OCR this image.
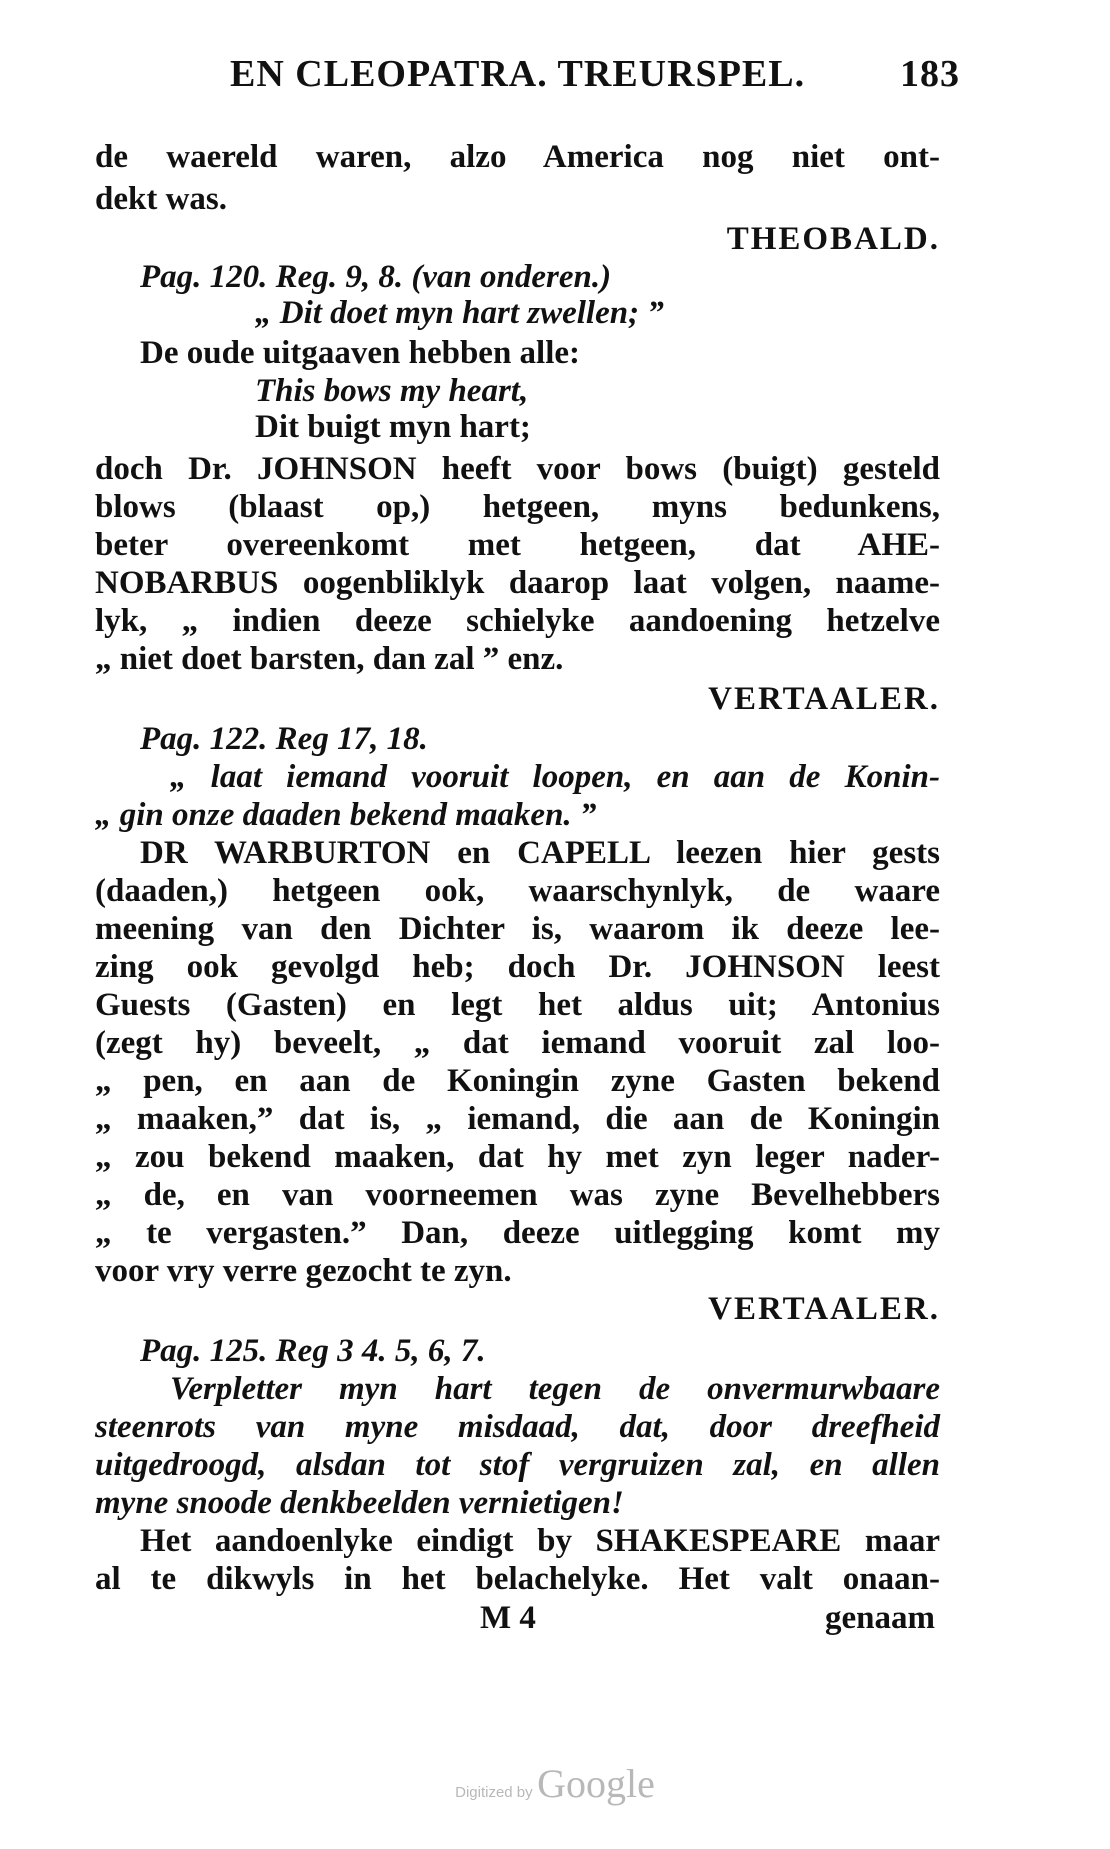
EN CLEOPATRA. TREURSPEL. 183
de waereld waren, alzo America nog niet ont-
dekt was.
THEOBALD.
Pag. 120. Reg. 9, 8. (van onderen.)
„ Dit doet myn hart zwellen; ”
De oude uitgaaven hebben alle:
This bows my heart,
Dit buigt myn hart;
doch Dr. JOHNSON heeft voor bows (buigt) gesteld
blows (blaast op,) hetgeen, myns bedunkens,
beter overeenkomt met hetgeen, dat AHE-
NOBARBUS oogenbliklyk daarop laat volgen, naame-
lyk, „ indien deeze schielyke aandoening hetzelve
„ niet doet barsten, dan zal ” enz.
VERTAALER.
Pag. 122. Reg 17, 18.
„ laat iemand vooruit loopen, en aan de Konin-
„ gin onze daaden bekend maaken. ”
DR WARBURTON en CAPELL leezen hier gests
(daaden,) hetgeen ook, waarschynlyk, de waare
meening van den Dichter is, waarom ik deeze lee-
zing ook gevolgd heb; doch Dr. JOHNSON leest
Guests (Gasten) en legt het aldus uit; Antonius
(zegt hy) beveelt, „ dat iemand vooruit zal loo-
„ pen, en aan de Koningin zyne Gasten bekend
„ maaken,” dat is, „ iemand, die aan de Koningin
„ zou bekend maaken, dat hy met zyn leger nader-
„ de, en van voorneemen was zyne Bevelhebbers
„ te vergasten.” Dan, deeze uitlegging komt my
voor vry verre gezocht te zyn.
VERTAALER.
Pag. 125. Reg 3 4. 5, 6, 7.
Verpletter myn hart tegen de onvermurwbaare
steenrots van myne misdaad, dat, door dreefheid
uitgedroogd, alsdan tot stof vergruizen zal, en allen
myne snoode denkbeelden vernietigen!
Het aandoenlyke eindigt by SHAKESPEARE maar
al te dikwyls in het belachelyke. Het valt onaan-
M 4	genaam
Digitized by Google
